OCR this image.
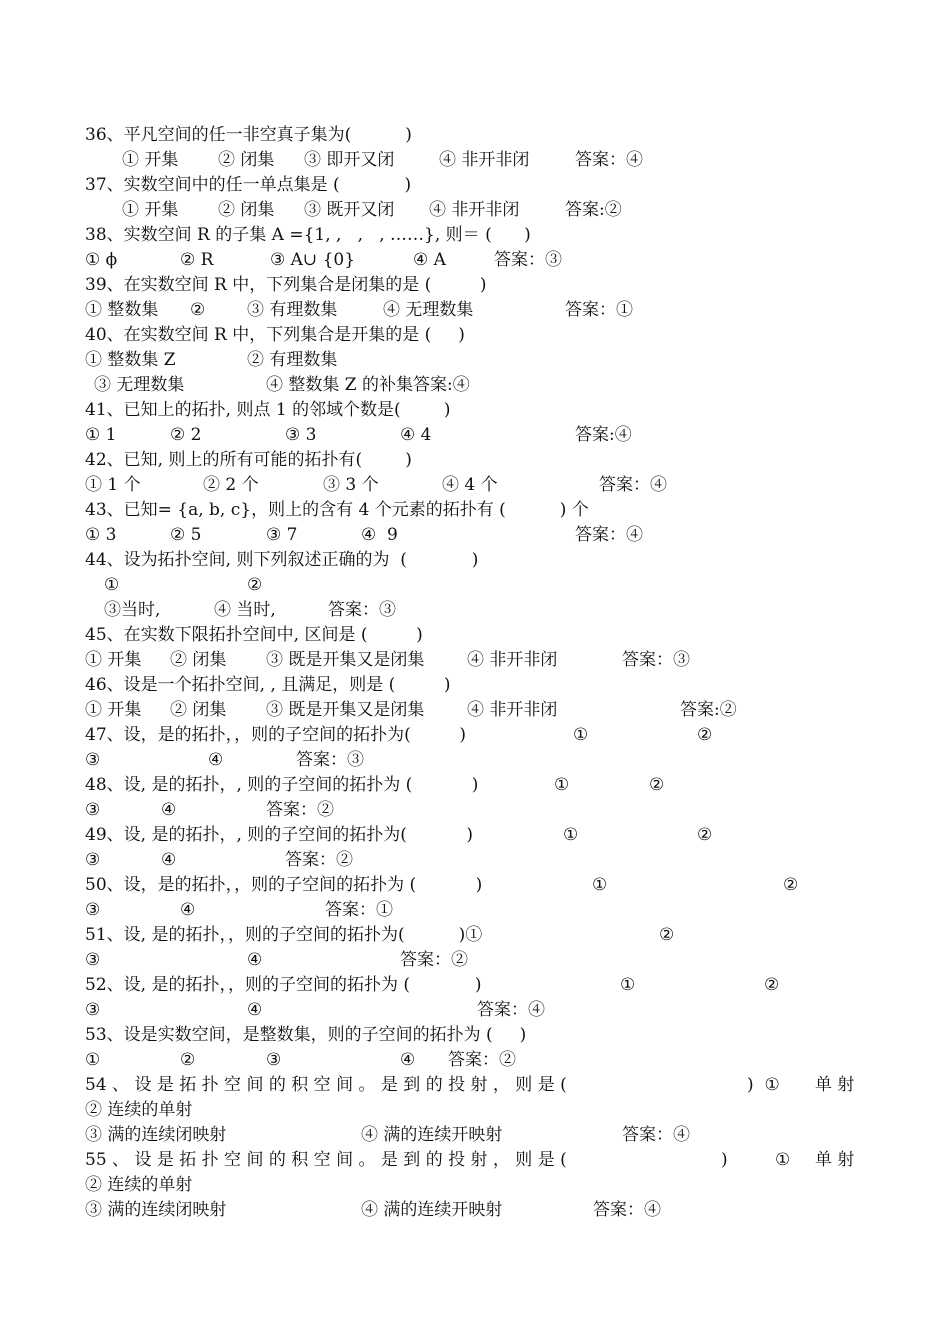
36、平凡空间的任一非空真子集为(          )
① 开集 ② 闭集 ③ 即开又闭	④ 非开非闭	答案：④
37、实数空间中的任一单点集是 (            )
① 开集 ② 闭集 ③ 既开又闭 ④ 非开非闭	答案:②
38、实数空间 R 的子集 A ={1, ,   ,   , ……}, 则＝ (      )
① ϕ	② R	③ A∪ {0}	④ A	答案：③
39、在实数空间 R 中，下列集合是闭集的是 (         )
① 整数集 ② ③ 有理数集	④ 无理数集	答案：①
40、在实数空间 R 中，下列集合是开集的是 (     )
① 整数集 Z	② 有理数集
③ 无理数集	④ 整数集 Z 的补集答案:④
41、已知上的拓扑, 则点 1 的邻域个数是(        )
① 1	② 2	③ 3	④ 4	答案:④
42、已知, 则上的所有可能的拓扑有(        )
① 1 个	② 2 个	③ 3 个	④ 4 个	答案：④
43、已知= {a, b, c}，则上的含有 4 个元素的拓扑有 (          ) 个
① 3	② 5	③ 7	④  9	答案：④
44、设为拓扑空间, 则下列叙述正确的为  (            )
①	②
③当时,	④ 当时,	答案：③
45、在实数下限拓扑空间中, 区间是 (         )
① 开集 ② 闭集 ③ 既是开集又是闭集	④ 非开非闭	答案：③
46、设是一个拓扑空间, , 且满足，则是 (         )
① 开集 ② 闭集 ③ 既是开集又是闭集	④ 非开非闭	答案:②
47、设，是的拓扑，，则的子空间的拓扑为(         )	①	②
③	④	答案：③
48、设, 是的拓扑，, 则的子空间的拓扑为 (           )	①	②
③	④	答案：②
49、设, 是的拓扑，, 则的子空间的拓扑为(           )	①	②
③	④	答案：②
50、设，是的拓扑，，则的子空间的拓扑为 (           )	①	②
③	④	答案：①
51、设, 是的拓扑，，则的子空间的拓扑为(          )①	②
③	④	答案：②
52、设, 是的拓扑，，则的子空间的拓扑为 (            )	①	②
③	④	答案：④
53、设是实数空间，是整数集，则的子空间的拓扑为 (     )
①	②	③	④ 答案：②
54 、 设 是 拓 扑 空 间 的 积 空 间 。 是 到 的 投 射 ， 则 是 (	)  ① 单 射
② 连续的单射
③ 满的连续闭映射	④ 满的连续开映射	答案：④
55 、 设 是 拓 扑 空 间 的 积 空 间 。 是 到 的 投 射 ， 则 是 (	)	① 单 射
② 连续的单射
③ 满的连续闭映射	④ 满的连续开映射	答案：④
